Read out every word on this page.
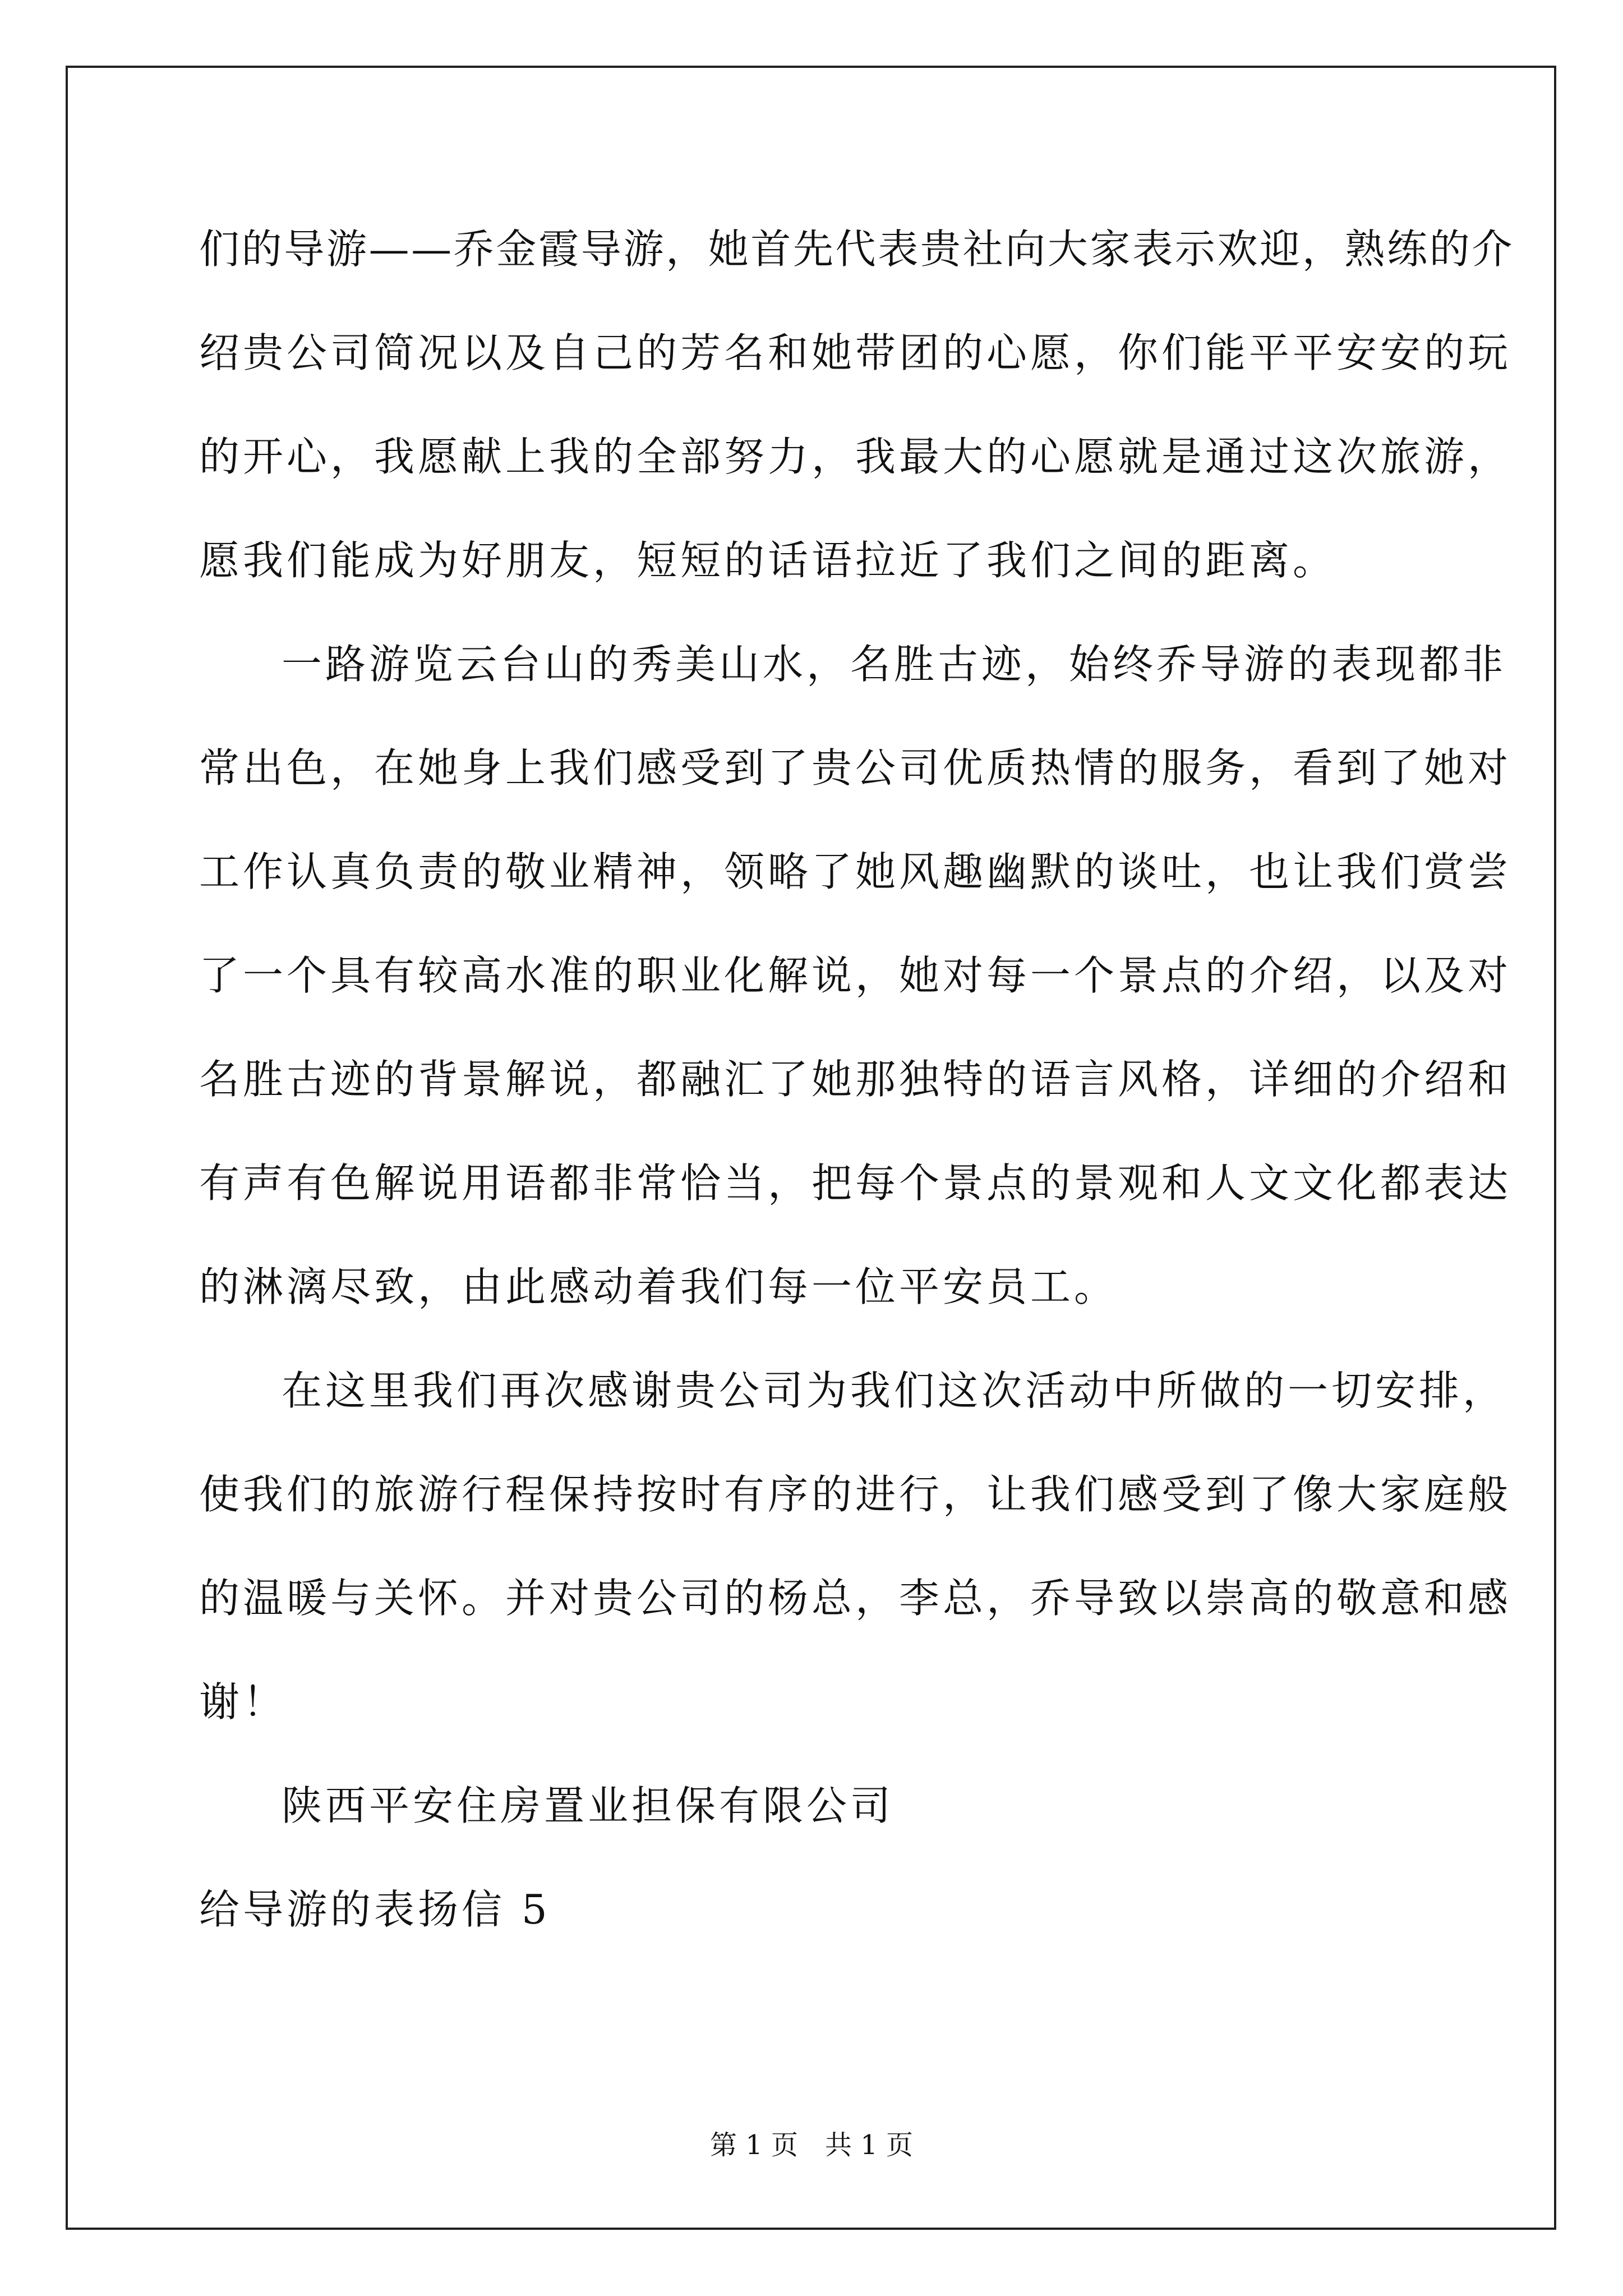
们的导游——乔金霞导游，她首先代表贵社向大家表示欢迎，熟练的介
绍贵公司简况以及自己的芳名和她带团的心愿，你们能平平安安的玩
的开心，我愿献上我的全部努力，我最大的心愿就是通过这次旅游，
愿我们能成为好朋友，短短的话语拉近了我们之间的距离。
一路游览云台山的秀美山水，名胜古迹，始终乔导游的表现都非
常出色，在她身上我们感受到了贵公司优质热情的服务，看到了她对
工作认真负责的敬业精神，领略了她风趣幽默的谈吐，也让我们赏尝
了一个具有较高水准的职业化解说，她对每一个景点的介绍，以及对
名胜古迹的背景解说，都融汇了她那独特的语言风格，详细的介绍和
有声有色解说用语都非常恰当，把每个景点的景观和人文文化都表达
的淋漓尽致，由此感动着我们每一位平安员工。
在这里我们再次感谢贵公司为我们这次活动中所做的一切安排，
使我们的旅游行程保持按时有序的进行，让我们感受到了像大家庭般
的温暖与关怀。并对贵公司的杨总，李总，乔导致以崇高的敬意和感
谢！
陕西平安住房置业担保有限公司
给导游的表扬信 5
第 1 页　共 1 页
